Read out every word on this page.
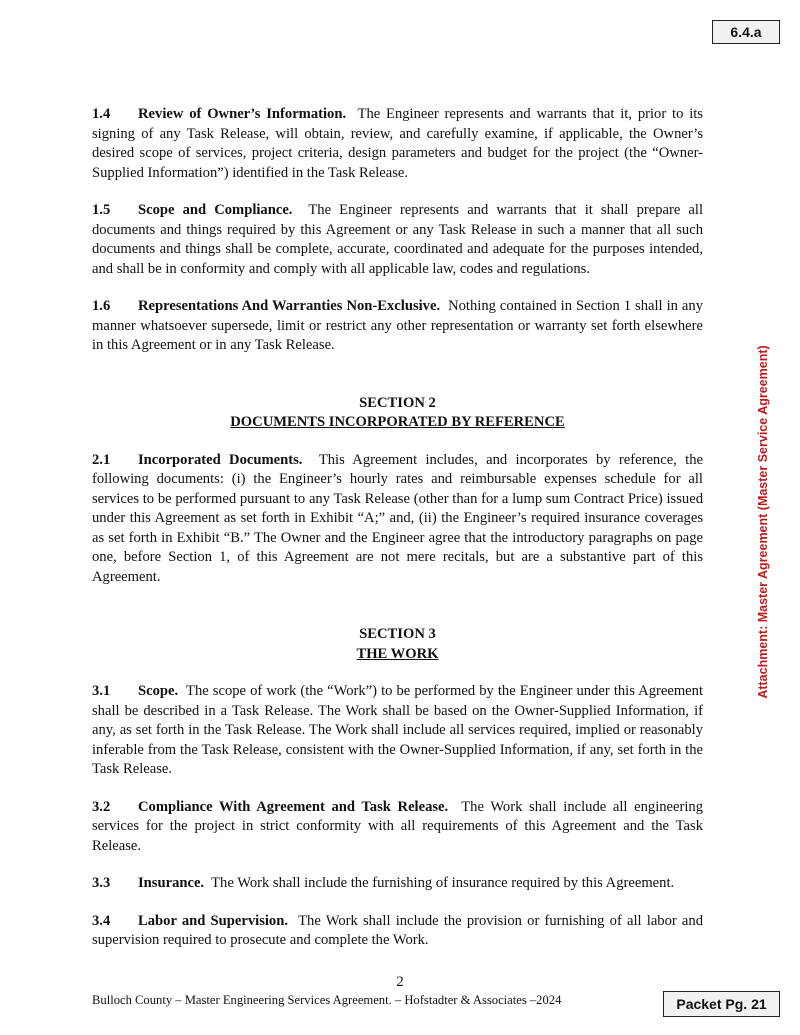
6.4.a
Attachment: Master Agreement (Master Service Agreement)

1.4 Review of Owner’s Information. The Engineer represents and warrants that it, prior to its signing of any Task Release, will obtain, review, and carefully examine, if applicable, the Owner’s desired scope of services, project criteria, design parameters and budget for the project (the “Owner-Supplied Information”) identified in the Task Release.

1.5 Scope and Compliance. The Engineer represents and warrants that it shall prepare all documents and things required by this Agreement or any Task Release in such a manner that all such documents and things shall be complete, accurate, coordinated and adequate for the purposes intended, and shall be in conformity and comply with all applicable law, codes and regulations.

1.6 Representations And Warranties Non-Exclusive. Nothing contained in Section 1 shall in any manner whatsoever supersede, limit or restrict any other representation or warranty set forth elsewhere in this Agreement or in any Task Release.

SECTION 2
DOCUMENTS INCORPORATED BY REFERENCE

2.1 Incorporated Documents. This Agreement includes, and incorporates by reference, the following documents: (i) the Engineer’s hourly rates and reimbursable expenses schedule for all services to be performed pursuant to any Task Release (other than for a lump sum Contract Price) issued under this Agreement as set forth in Exhibit “A;” and, (ii) the Engineer’s required insurance coverages as set forth in Exhibit “B.” The Owner and the Engineer agree that the introductory paragraphs on page one, before Section 1, of this Agreement are not mere recitals, but are a substantive part of this Agreement.

SECTION 3
THE WORK

3.1 Scope. The scope of work (the “Work”) to be performed by the Engineer under this Agreement shall be described in a Task Release. The Work shall be based on the Owner-Supplied Information, if any, as set forth in the Task Release. The Work shall include all services required, implied or reasonably inferable from the Task Release, consistent with the Owner-Supplied Information, if any, set forth in the Task Release.

3.2 Compliance With Agreement and Task Release. The Work shall include all engineering services for the project in strict conformity with all requirements of this Agreement and the Task Release.

3.3 Insurance. The Work shall include the furnishing of insurance required by this Agreement.

3.4 Labor and Supervision. The Work shall include the provision or furnishing of all labor and supervision required to prosecute and complete the Work.

2
Bulloch County – Master Engineering Services Agreement. – Hofstadter & Associates –2024	Packet Pg. 21
